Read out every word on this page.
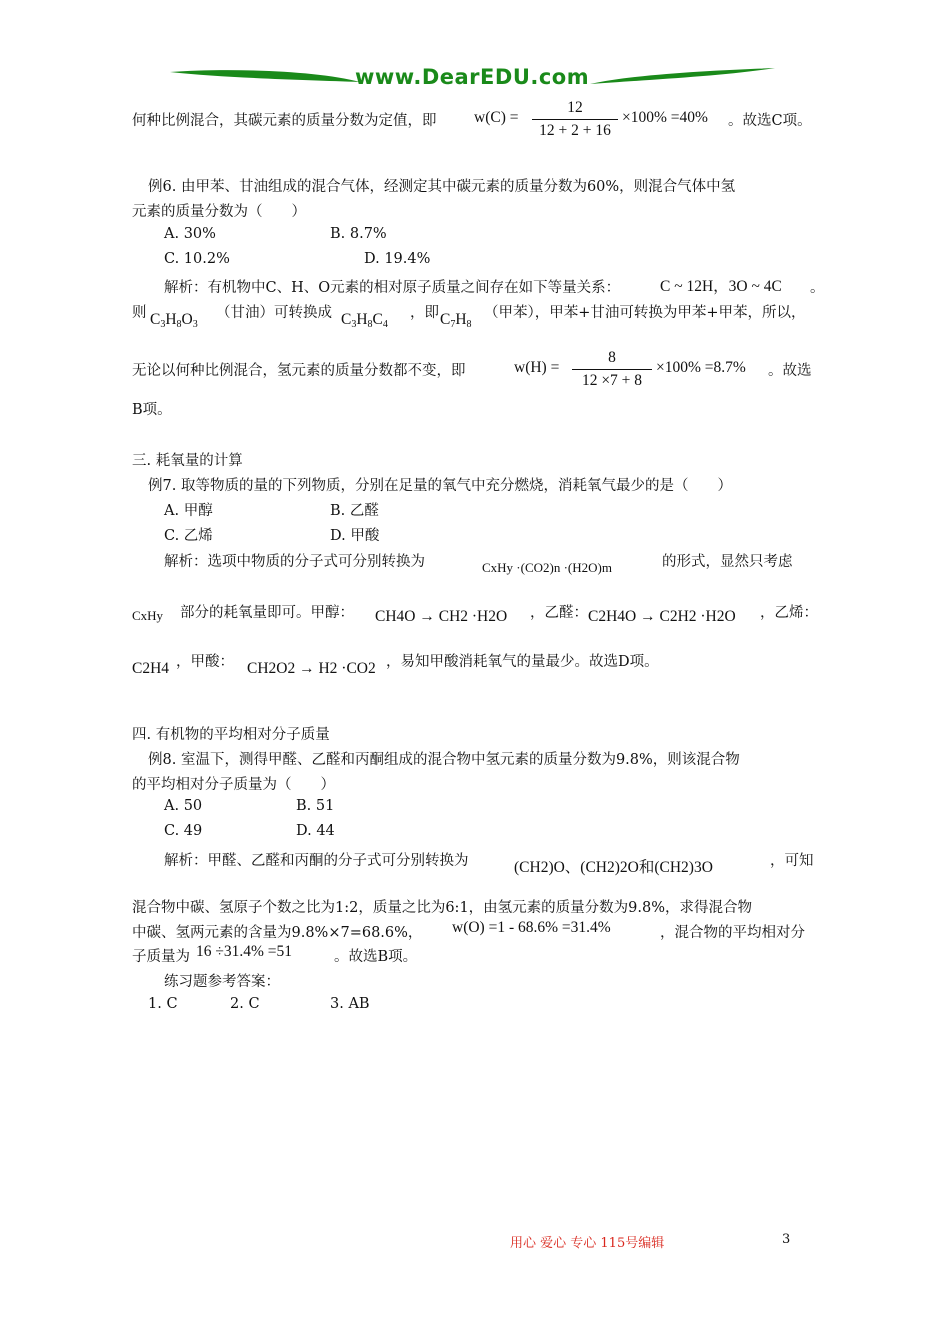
www.DearEDU.com
何种比例混合，其碳元素的质量分数为定值，即 w(C) =
12
12 + 2 + 16
×100% =40% 。故选C项。
例6. 由甲苯、甘油组成的混合气体，经测定其中碳元素的质量分数为60%，则混合气体中氢
元素的质量分数为（　　）
A. 30%	B. 8.7%
C. 10.2%	D. 19.4%
解析：有机物中C、H、O元素的相对原子质量之间存在如下等量关系：	C ~ 12H，3O ~ 4C 。
则 $C_3H_8O_3$
（甘油）可转换成 $C_3H_8C_4$
，即 $C_7H_8$
（甲苯），甲苯+甘油可转换为甲苯+甲苯，所以，
无论以何种比例混合，氢元素的质量分数都不变，即	w(H) =
8
12 ×7 + 8
×100% =8.7% 。故选
B项。
三. 耗氧量的计算
例7. 取等物质的量的下列物质，分别在足量的氧气中充分燃烧，消耗氧气最少的是（　　）
A. 甲醇	B. 乙醛
C. 乙烯	D. 甲酸
解析：选项中物质的分子式可分别转换为	CxHy ·(CO2)n ·(H2O)m	的形式，显然只考虑
CxHy 部分的耗氧量即可。甲醇： CH4O → CH2 ·H2O ，乙醛： C2H4O → C2H2 ·H2O ，乙烯：
C2H4 ，甲酸： CH2O2 → H2 ·CO2 ，易知甲酸消耗氧气的量最少。故选D项。
四. 有机物的平均相对分子质量
例8. 室温下，测得甲醛、乙醛和丙酮组成的混合物中氢元素的质量分数为9.8%，则该混合物
的平均相对分子质量为（　　）
A. 50	B. 51
C. 49	D. 44
解析：甲醛、乙醛和丙酮的分子式可分别转换为	(CH2)O、(CH2)2O和(CH2)3O	，可知
混合物中碳、氢原子个数之比为1:2，质量之比为6:1，由氢元素的质量分数为9.8%，求得混合物
中碳、氢两元素的含量为9.8%×7=68.6%， w(O) =1 - 68.6% =31.4%	，混合物的平均相对分
子质量为 16 ÷31.4% =51	。故选B项。
练习题参考答案：
1. C	2. C	3. AB
用心 爱心 专心 115号编辑	3
